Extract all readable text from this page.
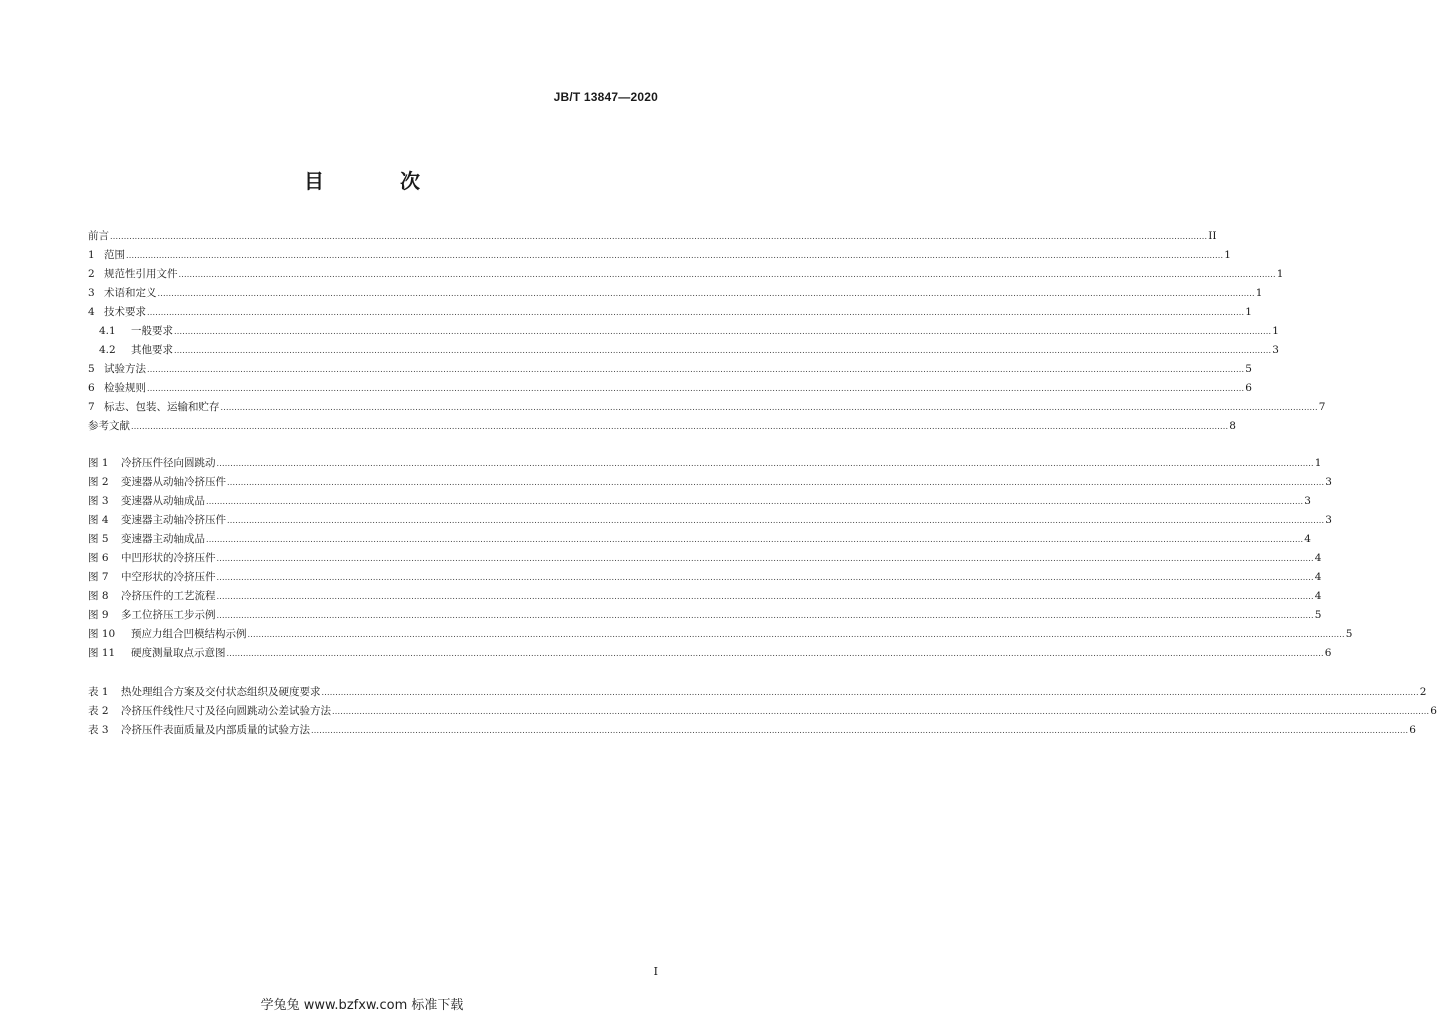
JB/T 13847—2020
目　次
前言 ................................................................................................................................................................................................................................................................................................................................................................................................................ II
1 范围 ................................................................................................................................................................................................................................................................................................................................................................................................................ 1
2 规范性引用文件 ................................................................................................................................................................................................................................................................................................................................................................................................................ 1
3 术语和定义 ................................................................................................................................................................................................................................................................................................................................................................................................................ 1
4 技术要求 ................................................................................................................................................................................................................................................................................................................................................................................................................ 1
4.1 一般要求 ................................................................................................................................................................................................................................................................................................................................................................................................................ 1
4.2 其他要求 ................................................................................................................................................................................................................................................................................................................................................................................................................ 3
5 试验方法 ................................................................................................................................................................................................................................................................................................................................................................................................................ 5
6 检验规则 ................................................................................................................................................................................................................................................................................................................................................................................................................ 6
7 标志、包装、运输和贮存 ................................................................................................................................................................................................................................................................................................................................................................................................................ 7
参考文献 ................................................................................................................................................................................................................................................................................................................................................................................................................ 8
图 1 冷挤压件径向圆跳动 ................................................................................................................................................................................................................................................................................................................................................................................................................ 1
图 2 变速器从动轴冷挤压件 ................................................................................................................................................................................................................................................................................................................................................................................................................ 3
图 3 变速器从动轴成品 ................................................................................................................................................................................................................................................................................................................................................................................................................ 3
图 4 变速器主动轴冷挤压件 ................................................................................................................................................................................................................................................................................................................................................................................................................ 3
图 5 变速器主动轴成品 ................................................................................................................................................................................................................................................................................................................................................................................................................ 4
图 6 中凹形状的冷挤压件 ................................................................................................................................................................................................................................................................................................................................................................................................................ 4
图 7 中空形状的冷挤压件 ................................................................................................................................................................................................................................................................................................................................................................................................................ 4
图 8 冷挤压件的工艺流程 ................................................................................................................................................................................................................................................................................................................................................................................................................ 4
图 9 多工位挤压工步示例 ................................................................................................................................................................................................................................................................................................................................................................................................................ 5
图 10 预应力组合凹模结构示例 ................................................................................................................................................................................................................................................................................................................................................................................................................ 5
图 11 硬度测量取点示意图 ................................................................................................................................................................................................................................................................................................................................................................................................................ 6
表 1 热处理组合方案及交付状态组织及硬度要求 ................................................................................................................................................................................................................................................................................................................................................................................................................ 2
表 2 冷挤压件线性尺寸及径向圆跳动公差试验方法 ................................................................................................................................................................................................................................................................................................................................................................................................................ 6
表 3 冷挤压件表面质量及内部质量的试验方法 ................................................................................................................................................................................................................................................................................................................................................................................................................ 6
I
学兔兔 www.bzfxw.com 标准下载
